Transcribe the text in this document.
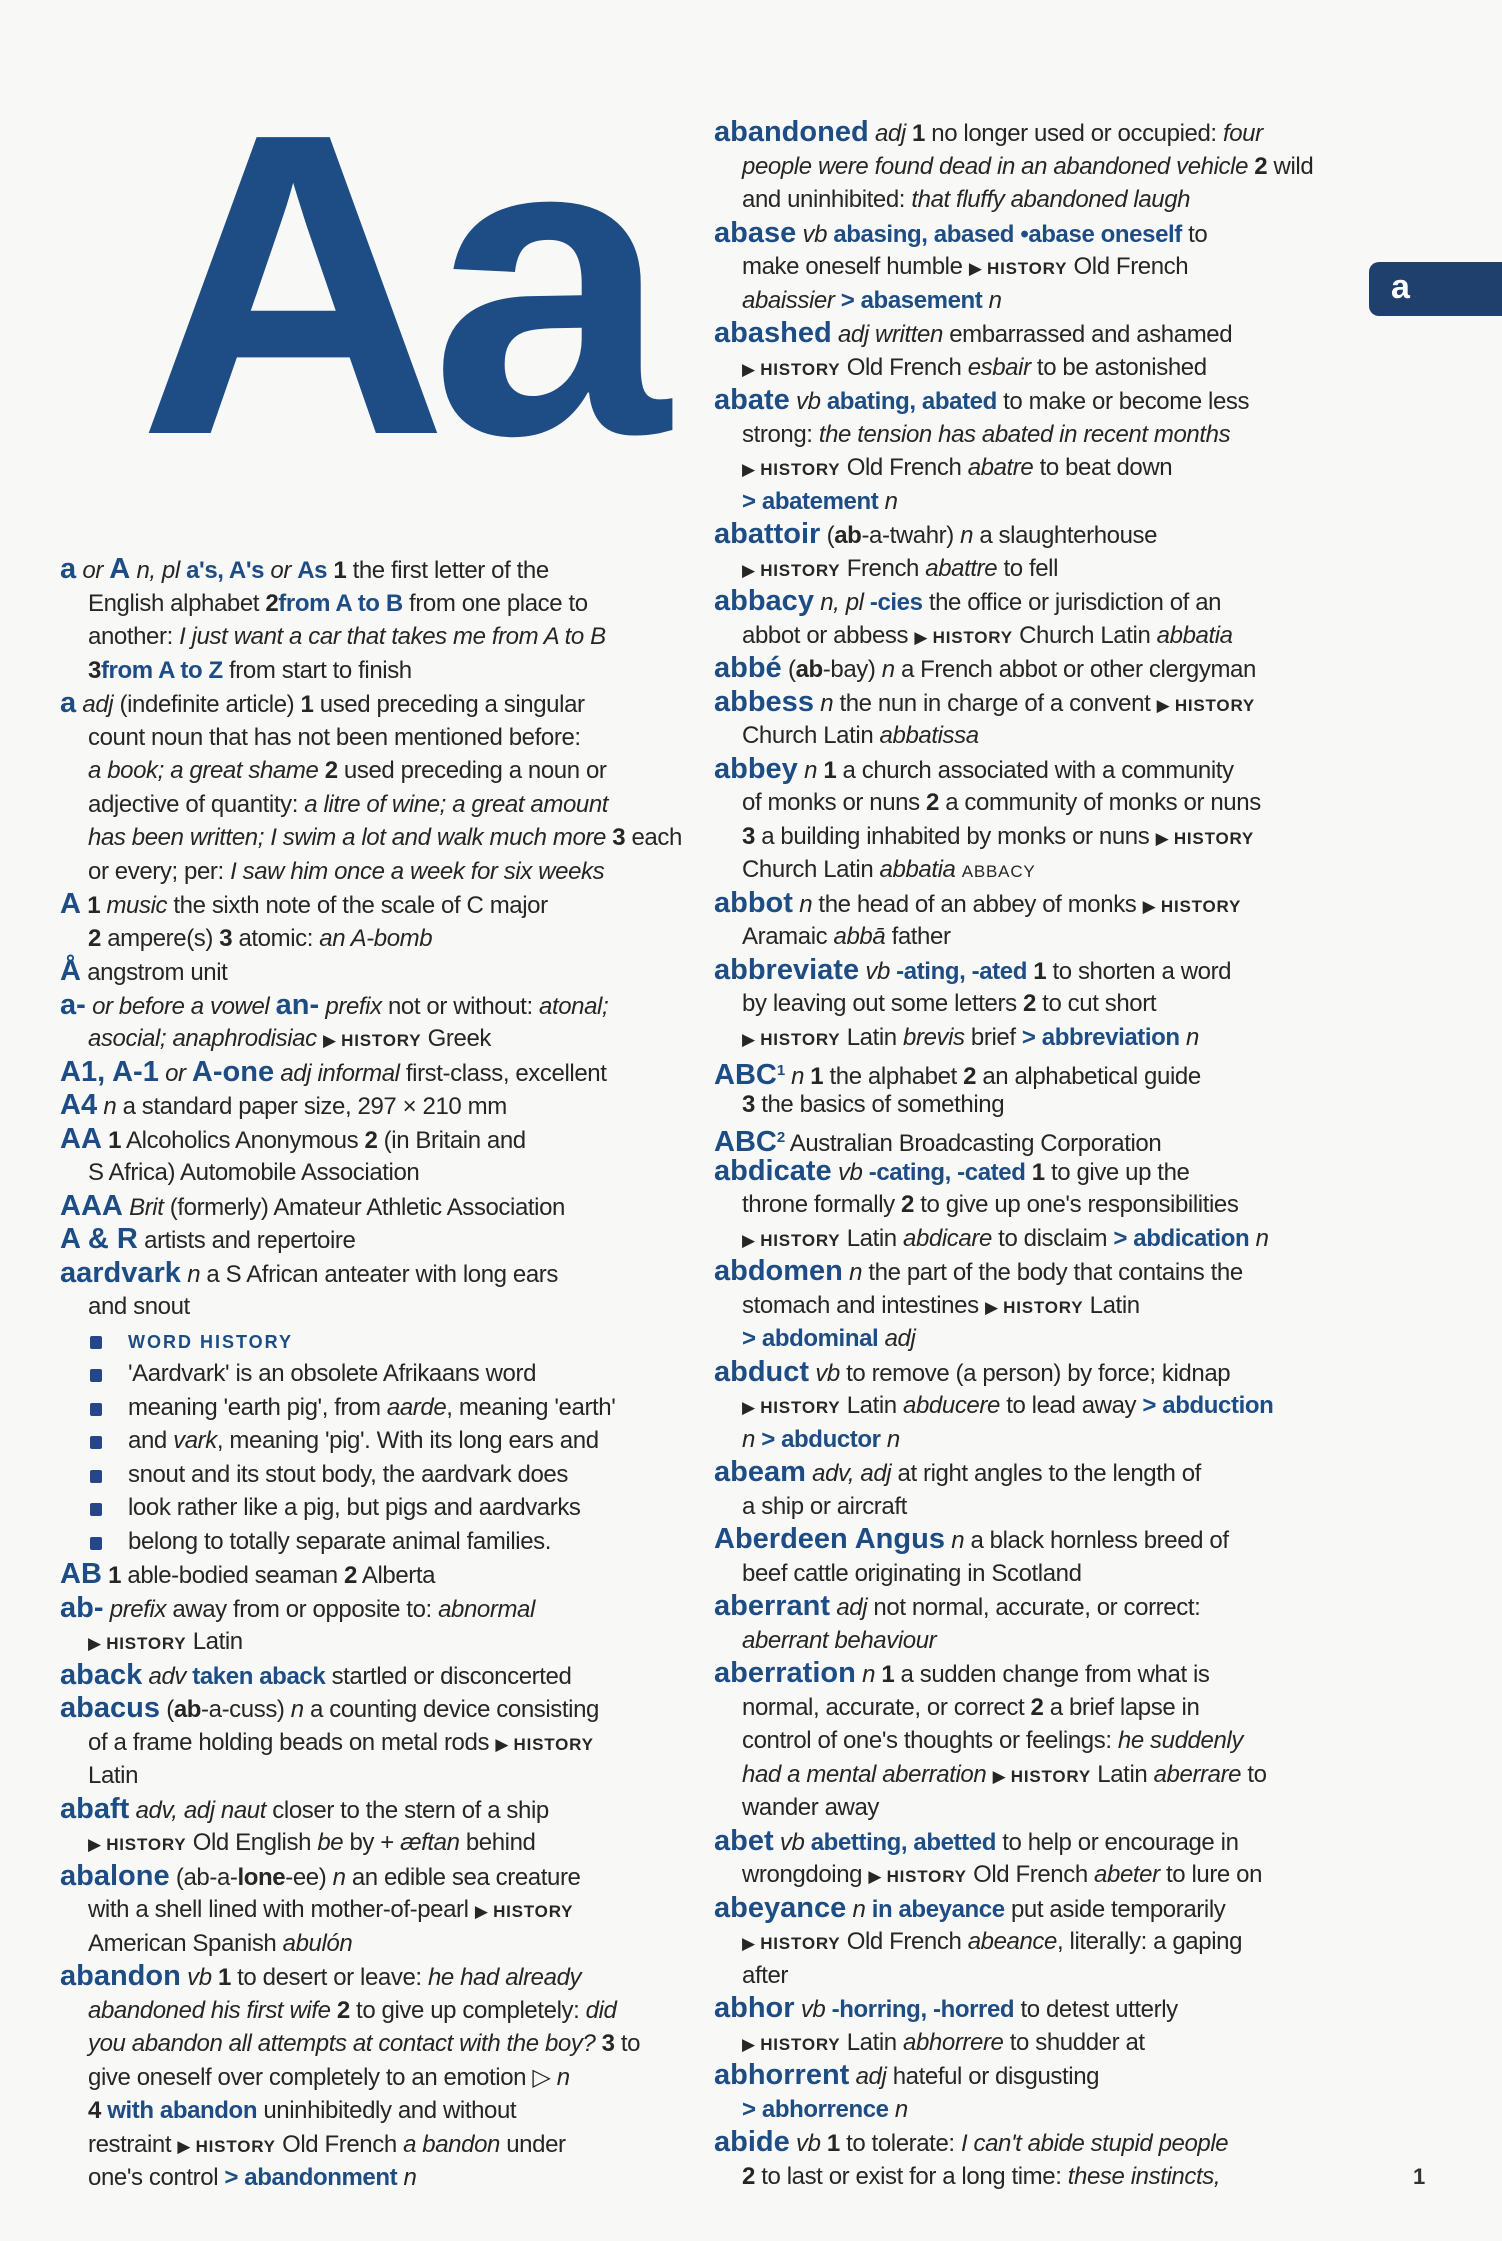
Aa	a
a or A n, pl a's, A's or As 1 the first letter of the
English alphabet 2from A to B from one place to
another: I just want a car that takes me from A to B
3from A to Z from start to finish
a adj (indefinite article) 1 used preceding a singular
count noun that has not been mentioned before:
a book; a great shame 2 used preceding a noun or
adjective of quantity: a litre of wine; a great amount
has been written; I swim a lot and walk much more 3 each
or every; per: I saw him once a week for six weeks
A 1 music the sixth note of the scale of C major
2 ampere(s) 3 atomic: an A-bomb
Å angstrom unit
a- or before a vowel an- prefix not or without: atonal;
asocial; anaphrodisiac ▶ HISTORY Greek
A1, A-1 or A-one adj informal first-class, excellent
A4 n a standard paper size, 297 × 210 mm
AA 1 Alcoholics Anonymous 2 (in Britain and
S Africa) Automobile Association
AAA Brit (formerly) Amateur Athletic Association
A & R artists and repertoire
aardvark n a S African anteater with long ears
and snout
WORD HISTORY
'Aardvark' is an obsolete Afrikaans word
meaning 'earth pig', from aarde, meaning 'earth'
and vark, meaning 'pig'. With its long ears and
snout and its stout body, the aardvark does
look rather like a pig, but pigs and aardvarks
belong to totally separate animal families.
AB 1 able-bodied seaman 2 Alberta
ab- prefix away from or opposite to: abnormal
▶ HISTORY Latin
aback adv taken aback startled or disconcerted
abacus (ab-a-cuss) n a counting device consisting
of a frame holding beads on metal rods ▶ HISTORY
Latin
abaft adv, adj naut closer to the stern of a ship
▶ HISTORY Old English be by + æftan behind
abalone (ab-a-lone-ee) n an edible sea creature
with a shell lined with mother-of-pearl ▶ HISTORY
American Spanish abulón
abandon vb 1 to desert or leave: he had already
abandoned his first wife 2 to give up completely: did
you abandon all attempts at contact with the boy? 3 to
give oneself over completely to an emotion ▷ n
4 with abandon uninhibitedly and without
restraint ▶ HISTORY Old French a bandon under
one's control > abandonment n
abandoned adj 1 no longer used or occupied: four
people were found dead in an abandoned vehicle 2 wild
and uninhibited: that fluffy abandoned laugh
abase vb abasing, abased •abase oneself to
make oneself humble ▶ HISTORY Old French
abaissier > abasement n
abashed adj written embarrassed and ashamed
▶ HISTORY Old French esbair to be astonished
abate vb abating, abated to make or become less
strong: the tension has abated in recent months
▶ HISTORY Old French abatre to beat down
> abatement n
abattoir (ab-a-twahr) n a slaughterhouse
▶ HISTORY French abattre to fell
abbacy n, pl -cies the office or jurisdiction of an
abbot or abbess ▶ HISTORY Church Latin abbatia
abbé (ab-bay) n a French abbot or other clergyman
abbess n the nun in charge of a convent ▶ HISTORY
Church Latin abbatissa
abbey n 1 a church associated with a community
of monks or nuns 2 a community of monks or nuns
3 a building inhabited by monks or nuns ▶ HISTORY
Church Latin abbatia ABBACY
abbot n the head of an abbey of monks ▶ HISTORY
Aramaic abbā father
abbreviate vb -ating, -ated 1 to shorten a word
by leaving out some letters 2 to cut short
▶ HISTORY Latin brevis brief > abbreviation n
ABC$^1$ n 1 the alphabet 2 an alphabetical guide
3 the basics of something
ABC$^2$ Australian Broadcasting Corporation
abdicate vb -cating, -cated 1 to give up the
throne formally 2 to give up one's responsibilities
▶ HISTORY Latin abdicare to disclaim > abdication n
abdomen n the part of the body that contains the
stomach and intestines ▶ HISTORY Latin
> abdominal adj
abduct vb to remove (a person) by force; kidnap
▶ HISTORY Latin abducere to lead away > abduction
n > abductor n
abeam adv, adj at right angles to the length of
a ship or aircraft
Aberdeen Angus n a black hornless breed of
beef cattle originating in Scotland
aberrant adj not normal, accurate, or correct:
aberrant behaviour
aberration n 1 a sudden change from what is
normal, accurate, or correct 2 a brief lapse in
control of one's thoughts or feelings: he suddenly
had a mental aberration ▶ HISTORY Latin aberrare to
wander away
abet vb abetting, abetted to help or encourage in
wrongdoing ▶ HISTORY Old French abeter to lure on
abeyance n in abeyance put aside temporarily
▶ HISTORY Old French abeance, literally: a gaping
after
abhor vb -horring, -horred to detest utterly
▶ HISTORY Latin abhorrere to shudder at
abhorrent adj hateful or disgusting
> abhorrence n
abide vb 1 to tolerate: I can't abide stupid people
2 to last or exist for a long time: these instincts,	1
